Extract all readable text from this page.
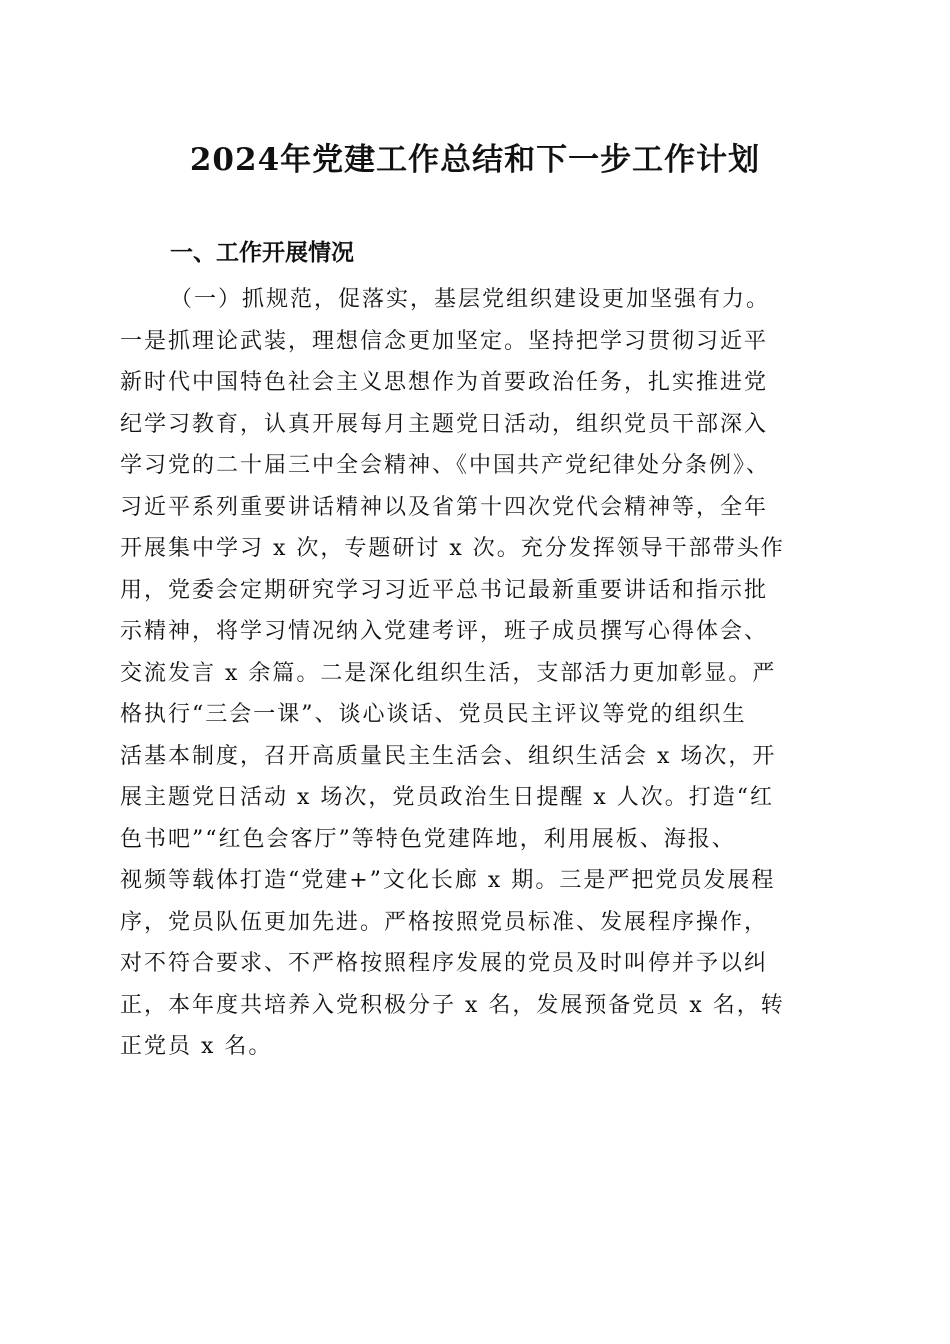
2024年党建工作总结和下一步工作计划
一、工作开展情况
（一）抓规范，促落实，基层党组织建设更加坚强有力。
一是抓理论武装，理想信念更加坚定。坚持把学习贯彻习近平
新时代中国特色社会主义思想作为首要政治任务，扎实推进党
纪学习教育，认真开展每月主题党日活动，组织党员干部深入
学习党的二十届三中全会精神、《中国共产党纪律处分条例》、
习近平系列重要讲话精神以及省第十四次党代会精神等，全年
开展集中学习 x 次，专题研讨 x 次。充分发挥领导干部带头作
用，党委会定期研究学习习近平总书记最新重要讲话和指示批
示精神，将学习情况纳入党建考评，班子成员撰写心得体会、
交流发言 x 余篇。二是深化组织生活，支部活力更加彰显。严
格执行“三会一课”、谈心谈话、党员民主评议等党的组织生
活基本制度，召开高质量民主生活会、组织生活会 x 场次，开
展主题党日活动 x 场次，党员政治生日提醒 x 人次。打造“红
色书吧”“红色会客厅”等特色党建阵地，利用展板、海报、
视频等载体打造“党建+”文化长廊 x 期。三是严把党员发展程
序，党员队伍更加先进。严格按照党员标准、发展程序操作，
对不符合要求、不严格按照程序发展的党员及时叫停并予以纠
正，本年度共培养入党积极分子 x 名，发展预备党员 x 名，转
正党员 x 名。
